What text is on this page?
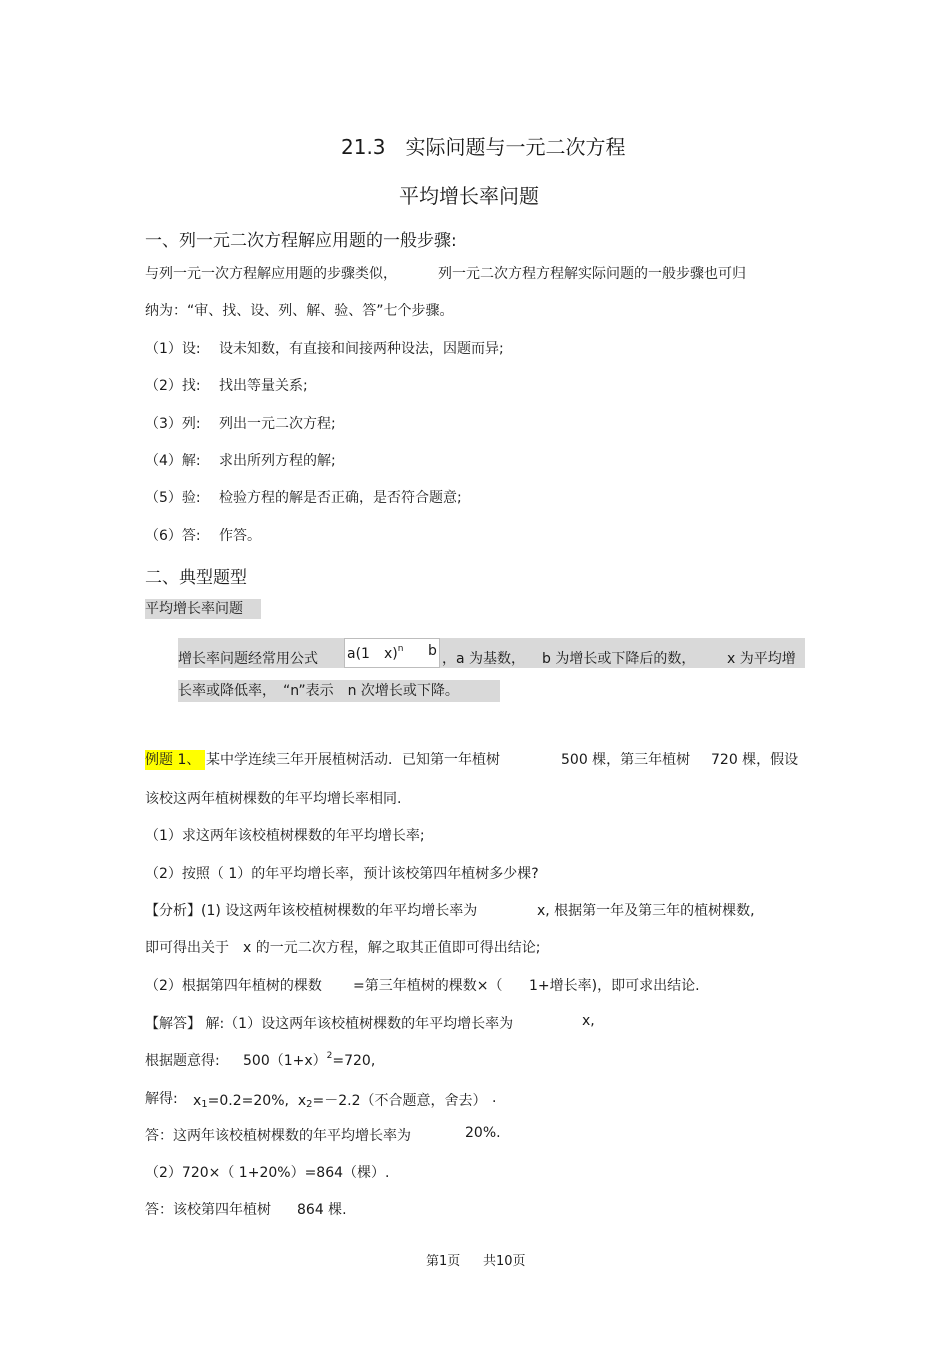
21.3　实际问题与一元二次方程
平均增长率问题
一、列一元二次方程解应用题的一般步骤:
与列一元一次方程解应用题的步骤类似，	列一元二次方程方程解实际问题的一般步骤也可归
纳为：“审、找、设、列、解、验、答”七个步骤。
（1）设: 设未知数，有直接和间接两种设法，因题而异;
（2）找: 找出等量关系;
（3）列: 列出一元二次方程;
（4）解: 求出所列方程的解;
（5）验: 检验方程的解是否正确，是否符合题意;
（6）答: 作答。
二、典型题型
平均增长率问题
增长率问题经常用公式 a(1　x)$^n$ b ，a 为基数， b 为增长或下降后的数， x 为平均增
长率或降低率，　“n”表示　n 次增长或下降。
例题 1、 某中学连续三年开展植树活动．已知第一年植树	500 棵，第三年植树 720 棵，假设
该校这两年植树棵数的年平均增长率相同.
（1）求这两年该校植树棵数的年平均增长率;
（2）按照（ 1）的年平均增长率，预计该校第四年植树多少棵?
【分析】(1) 设这两年该校植树棵数的年平均增长率为	x, 根据第一年及第三年的植树棵数,
即可得出关于　x 的一元二次方程，解之取其正值即可得出结论;
（2）根据第四年植树的棵数 =第三年植树的棵数×（ 1+增长率)，即可求出结论.
【解答】 解:（1）设这两年该校植树棵数的年平均增长率为	x,
根据题意得: $500(1+x)^2=720$,
解得: x1=0.2=20%, x2=－2.2（不合题意，舍去） .
答：这两年该校植树棵数的年平均增长率为	20%.
（2）720×（ 1+20%）=864（棵）.
答：该校第四年植树 864 棵.
第1页 共10页
